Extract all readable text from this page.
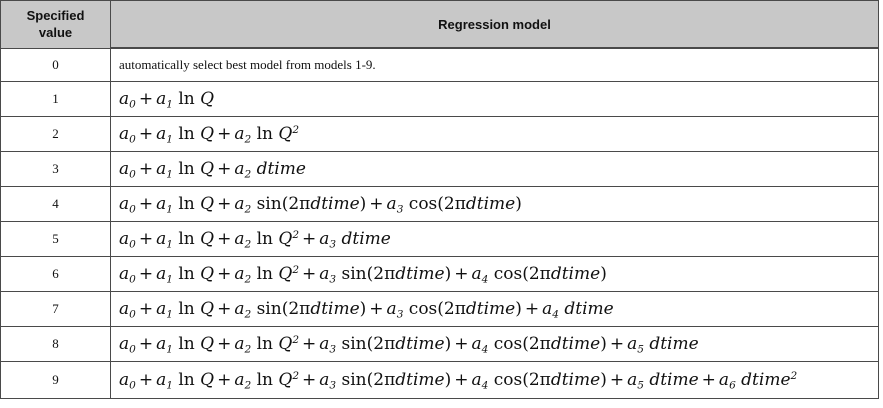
Specified value	Regression model
0	automatically select best model from models 1-9.
1	$a_0 + a_1$ ln Q
2	$a_0 + a_1$ $\ln Q + a_2$ $\ln Q^2$
3	$a_0 + a_1$ $\ln Q + a_2$ dtime
4	$a_0 + a_1$ $\ln Q + a_2$ sin(2πdtime) + $a_3$ cos(2πdtime)
5	$a_0 + a_1$ $\ln Q + a_2$ $\ln Q^2 + a_3$ dtime
6	$a_0 + a_1$ $\ln Q + a_2$ $\ln Q^2 + a_3$ sin(2πdtime) + $a_4$ cos(2πdtime)
7	$a_0 + a_1$ $\ln Q + a_2$ sin(2πdtime) + $a_3$ cos(2πdtime) + $a_4$ dtime
8	$a_0 + a_1$ $\ln Q + a_2$ $\ln Q^2 + a_3$ sin(2πdtime) + $a_4$ cos(2πdtime) + $a_5$ dtime
9	$a_0 + a_1$ $\ln Q + a_2$ $\ln Q^2 + a_3$ sin(2πdtime) + $a_4$ cos(2πdtime) + $a_5$ dtime + $a_6$ dtime$^2$
